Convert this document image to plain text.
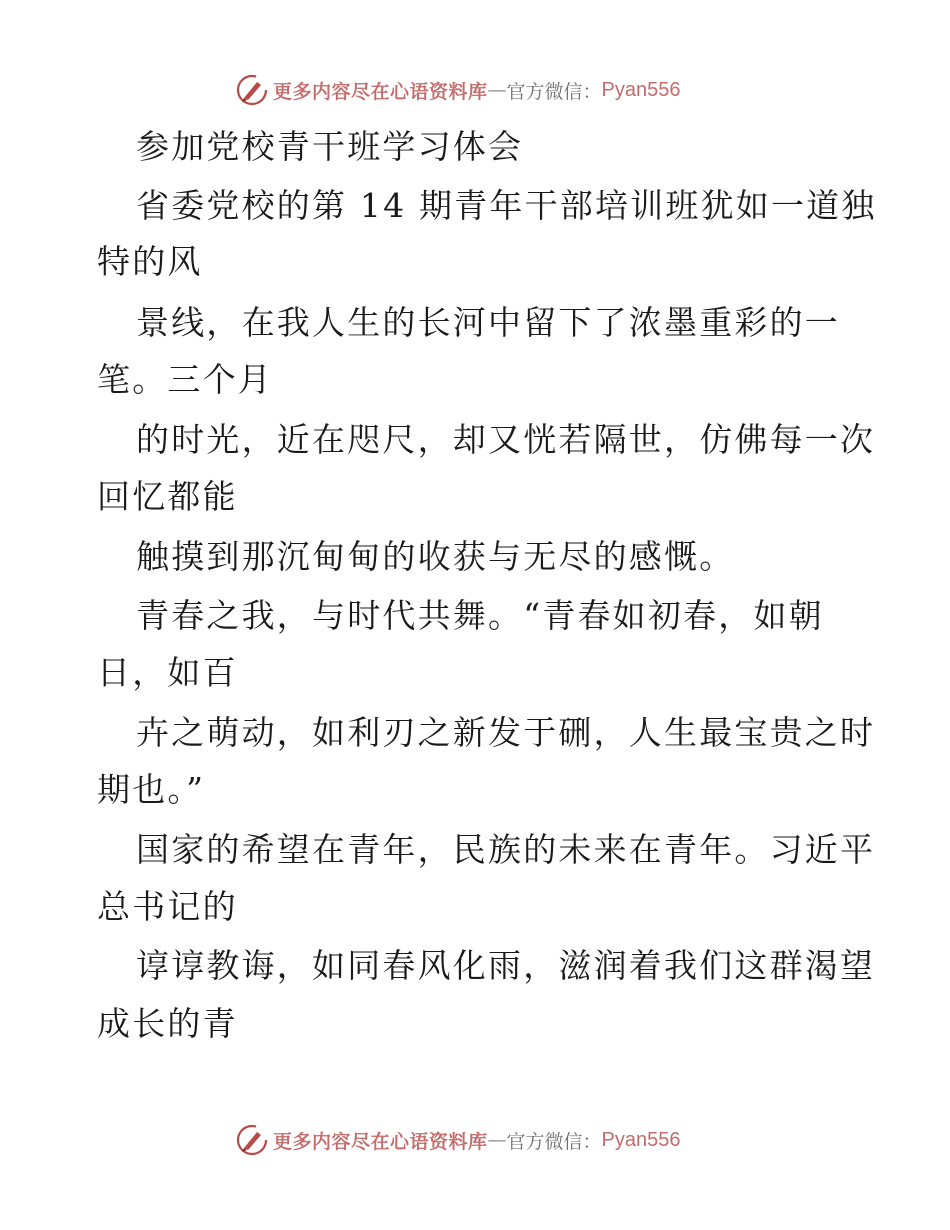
更多内容尽在心语资料库 — 官方微信： Pyan556
参加党校青干班学习体会
省委党校的第 14 期青年干部培训班犹如一道独
特的风
景线，在我人生的长河中留下了浓墨重彩的一
笔。三个月
的时光，近在咫尺，却又恍若隔世，仿佛每一次
回忆都能
触摸到那沉甸甸的收获与无尽的感慨。
青春之我，与时代共舞。“青春如初春，如朝
日，如百
卉之萌动，如利刃之新发于硎，人生最宝贵之时
期也。”
国家的希望在青年，民族的未来在青年。习近平
总书记的
谆谆教诲，如同春风化雨，滋润着我们这群渴望
成长的青
更多内容尽在心语资料库 — 官方微信： Pyan556
